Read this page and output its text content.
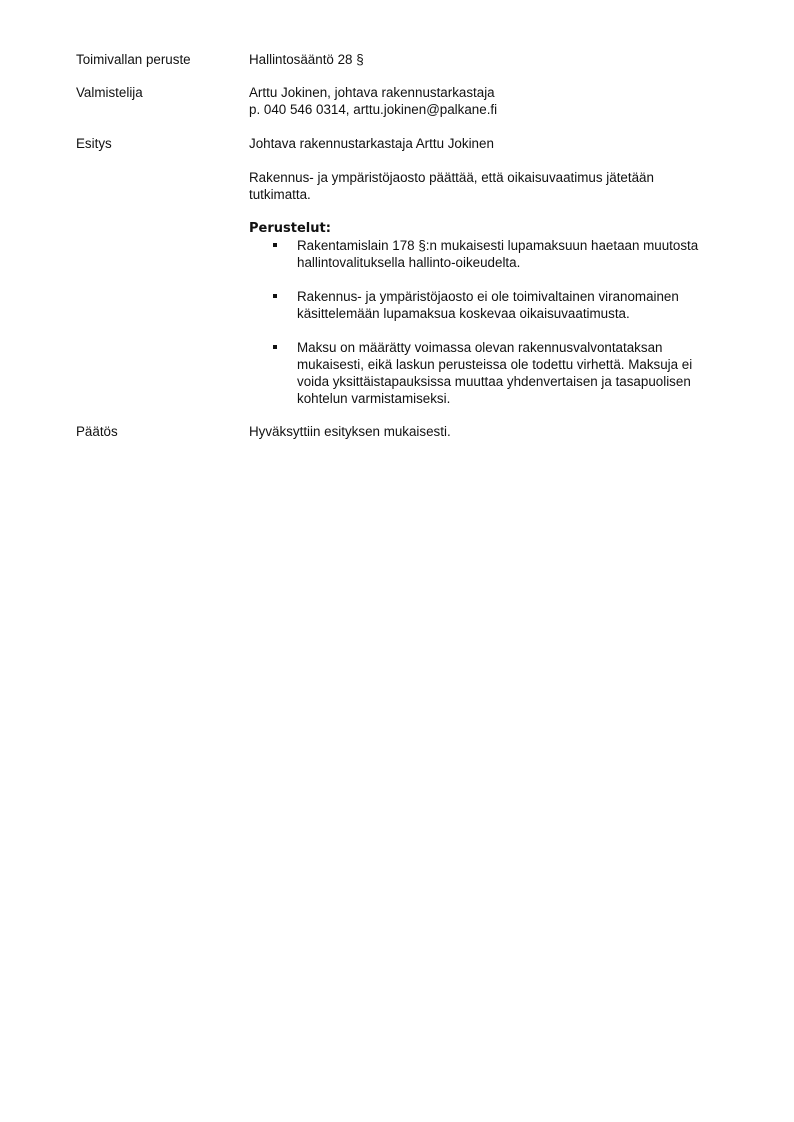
Toimivallan peruste	Hallintosääntö 28 §
Valmistelija	Arttu Jokinen, johtava rakennustarkastaja

p. 040 546 0314, arttu.jokinen@palkane.fi

Esitys	Johtava rakennustarkastaja Arttu Jokinen

Rakennus- ja ympäristöjaosto päättää, että oikaisuvaatimus jätetään

tutkimatta.

Perustelut:

Rakentamislain 178 §:n mukaisesti lupamaksuun haetaan muutosta
hallintovalituksella hallinto-oikeudelta.
Rakennus- ja ympäristöjaosto ei ole toimivaltainen viranomainen
käsittelemään lupamaksua koskevaa oikaisuvaatimusta.
Maksu on määrätty voimassa olevan rakennusvalvontataksan
mukaisesti, eikä laskun perusteissa ole todettu virhettä. Maksuja ei
voida yksittäistapauksissa muuttaa yhdenvertaisen ja tasapuolisen
kohtelun varmistamiseksi.
Päätös	Hyväksyttiin esityksen mukaisesti.
